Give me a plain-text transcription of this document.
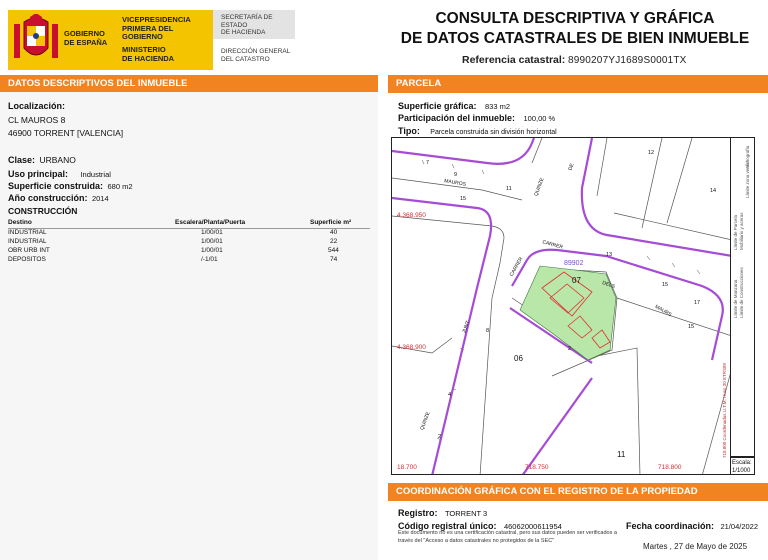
GOBIERNO
DE ESPAÑA
VICEPRESIDENCIA
PRIMERA DEL GOBIERNO
MINISTERIO
DE HACIENDA
SECRETARÍA DE ESTADO
DE HACIENDA
DIRECCIÓN GENERAL
DEL CATASTRO
CONSULTA DESCRIPTIVA Y GRÁFICA
DE DATOS CATASTRALES DE BIEN INMUEBLE
Referencia catastral: 8990207YJ1689S0001TX
DATOS DESCRIPTIVOS DEL INMUEBLE
Localización:
CL MAUROS 8
46900 TORRENT [VALENCIA]
Clase: URBANO
Uso principal: Industrial
Superficie construida: 680 m2
Año construcción: 2014
CONSTRUCCIÓN
Destino	Escalera/Planta/Puerta	Superficie m²
INDUSTRIAL	1/00/01	40
INDUSTRIAL	1/00/01	22
OBR URB INT	1/00/01	544
DEPOSITOS	/-1/01	74
PARCELA
Superficie gráfica: 833 m2
Participación del inmueble: 100,00 %
Tipo: Parcela construida sin división horizontal
4.368.950
4.368.900
18.700	718.750	718.800
89902
07
06
11
MAUROS
CARRER
CARRER
DELS
MAURS
JUNT
QUINZE
QUINZE
DE
7
9
11
15
12
14
13
15
17
15
8
4
2
2
718.800 Coordenadas U.T.M. Huso 30 ETRS89
Límite de Manzana
Límite de Parcela
Límite de Construcciones
Mobiliario y aceras
Límite zona verde
Hidrografía
Escala:
1/1000
COORDINACIÓN GRÁFICA CON EL REGISTRO DE LA PROPIEDAD
Registro: TORRENT 3
Código registral único: 46062000611954	Fecha coordinación: 21/04/2022
Este documento no es una certificación catastral, pero sus datos pueden ser verificados a través del "Acceso a datos catastrales no protegidos de la SEC"
Martes , 27 de Mayo de 2025
